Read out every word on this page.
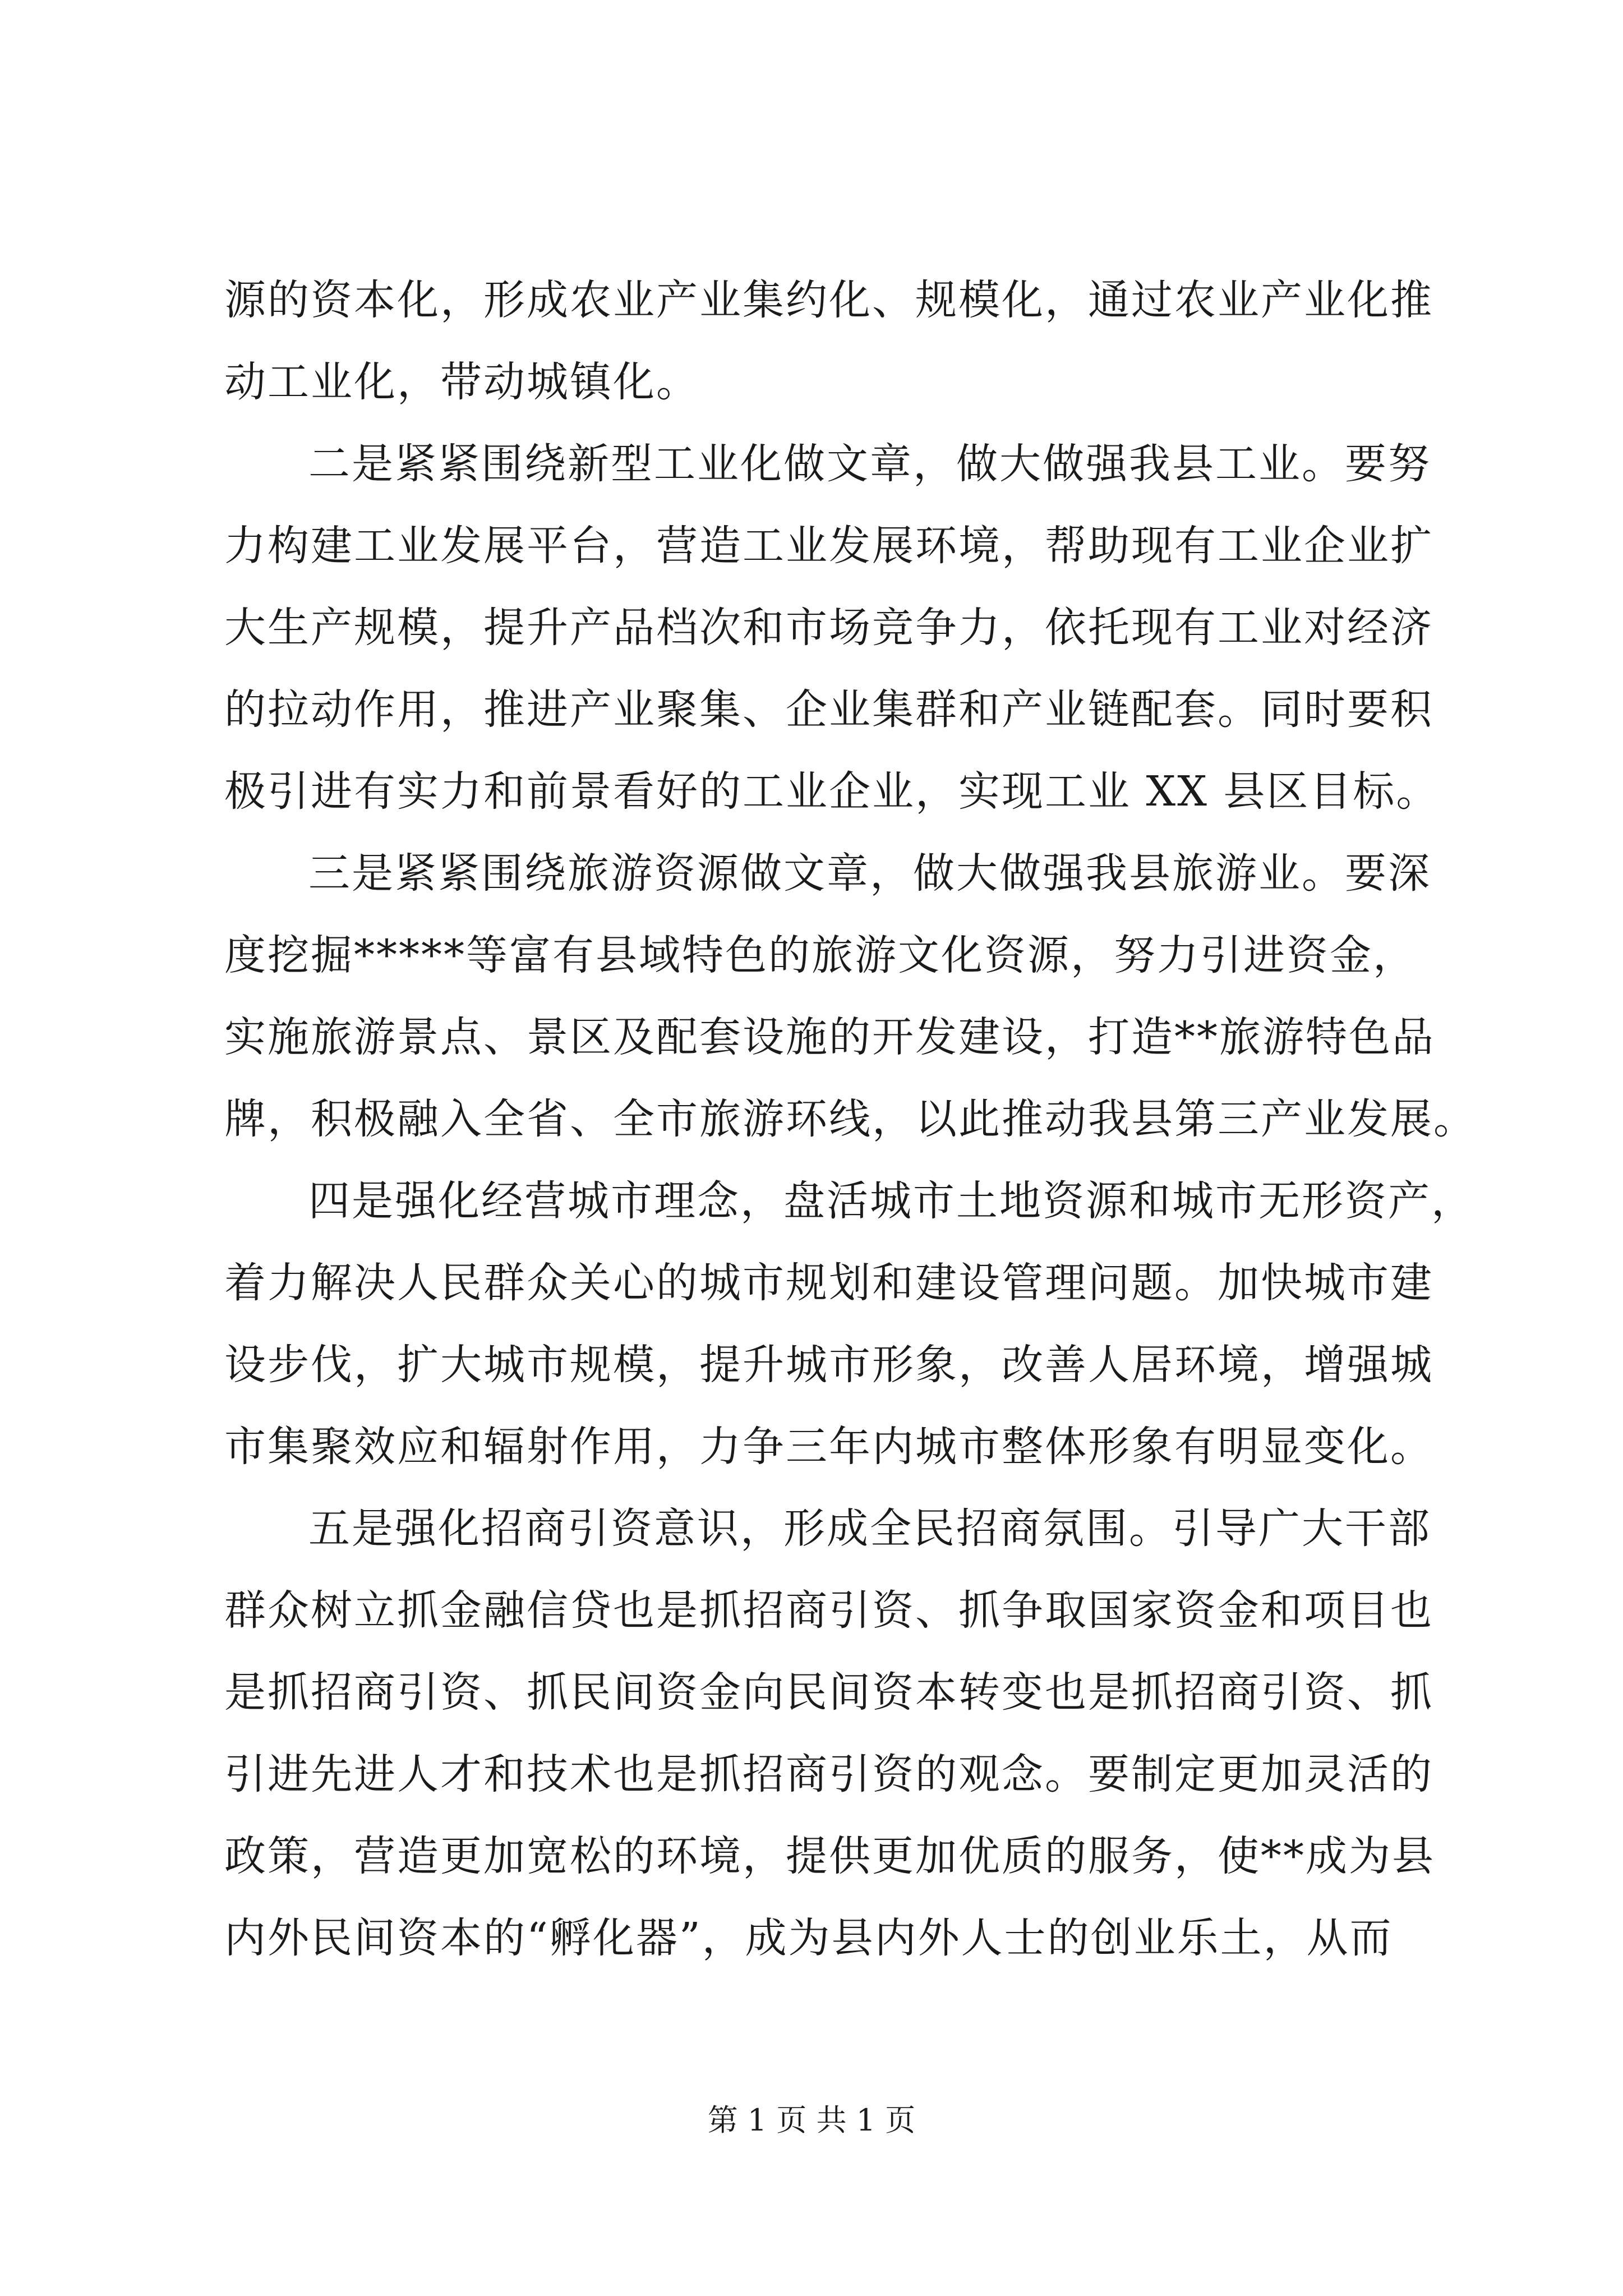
源的资本化，形成农业产业集约化、规模化，通过农业产业化推
动工业化，带动城镇化。
二是紧紧围绕新型工业化做文章，做大做强我县工业。要努
力构建工业发展平台，营造工业发展环境，帮助现有工业企业扩
大生产规模，提升产品档次和市场竞争力，依托现有工业对经济
的拉动作用，推进产业聚集、企业集群和产业链配套。同时要积
极引进有实力和前景看好的工业企业，实现工业 XX 县区目标。
三是紧紧围绕旅游资源做文章，做大做强我县旅游业。要深
度挖掘*****等富有县域特色的旅游文化资源，努力引进资金，
实施旅游景点、景区及配套设施的开发建设，打造**旅游特色品
牌，积极融入全省、全市旅游环线，以此推动我县第三产业发展。
四是强化经营城市理念，盘活城市土地资源和城市无形资产，
着力解决人民群众关心的城市规划和建设管理问题。加快城市建
设步伐，扩大城市规模，提升城市形象，改善人居环境，增强城
市集聚效应和辐射作用，力争三年内城市整体形象有明显变化。
五是强化招商引资意识，形成全民招商氛围。引导广大干部
群众树立抓金融信贷也是抓招商引资、抓争取国家资金和项目也
是抓招商引资、抓民间资金向民间资本转变也是抓招商引资、抓
引进先进人才和技术也是抓招商引资的观念。要制定更加灵活的
政策，营造更加宽松的环境，提供更加优质的服务，使**成为县
内外民间资本的“孵化器”，成为县内外人士的创业乐土，从而
第 1 页 共 1 页
